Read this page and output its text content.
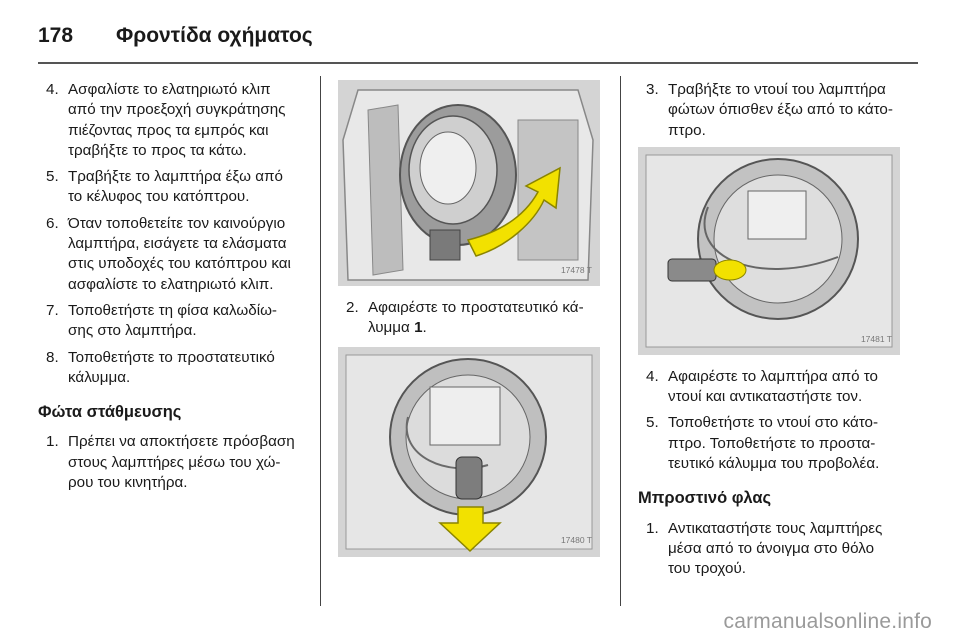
178	Φροντίδα οχήματος
4. Ασφαλίστε το ελατηριωτό κλιπ από την προεξοχή συγκράτησης πιέζοντας προς τα εμπρός και τραβήξτε το προς τα κάτω.
5. Τραβήξτε το λαμπτήρα έξω από το κέλυφος του κατόπτρου.
6. Όταν τοποθετείτε τον καινούργιο λαμπτήρα, εισάγετε τα ελάσματα στις υποδοχές του κατόπτρου και ασφαλίστε το ελατηριωτό κλιπ.
7. Τοποθετήστε τη φίσα καλωδίω-σης στο λαμπτήρα.
8. Τοποθετήστε το προστατευτικό κάλυμμα.
Φώτα στάθμευσης
1. Πρέπει να αποκτήσετε πρόσβαση στους λαμπτήρες μέσω του χώ-ρου του κινητήρα.
17478 T
2. Αφαιρέστε το προστατευτικό κά-λυμμα 1.
17480 T
3. Τραβήξτε το ντουί του λαμπτήρα φώτων όπισθεν έξω από το κάτο-πτρο.
17481 T
4. Αφαιρέστε το λαμπτήρα από το ντουί και αντικαταστήστε τον.
5. Τοποθετήστε το ντουί στο κάτο-πτρο. Τοποθετήστε το προστα-τευτικό κάλυμμα του προβολέα.
Μπροστινό φλας
1. Αντικαταστήστε τους λαμπτήρες μέσα από το άνοιγμα στο θόλο του τροχού.
carmanualsonline.info
